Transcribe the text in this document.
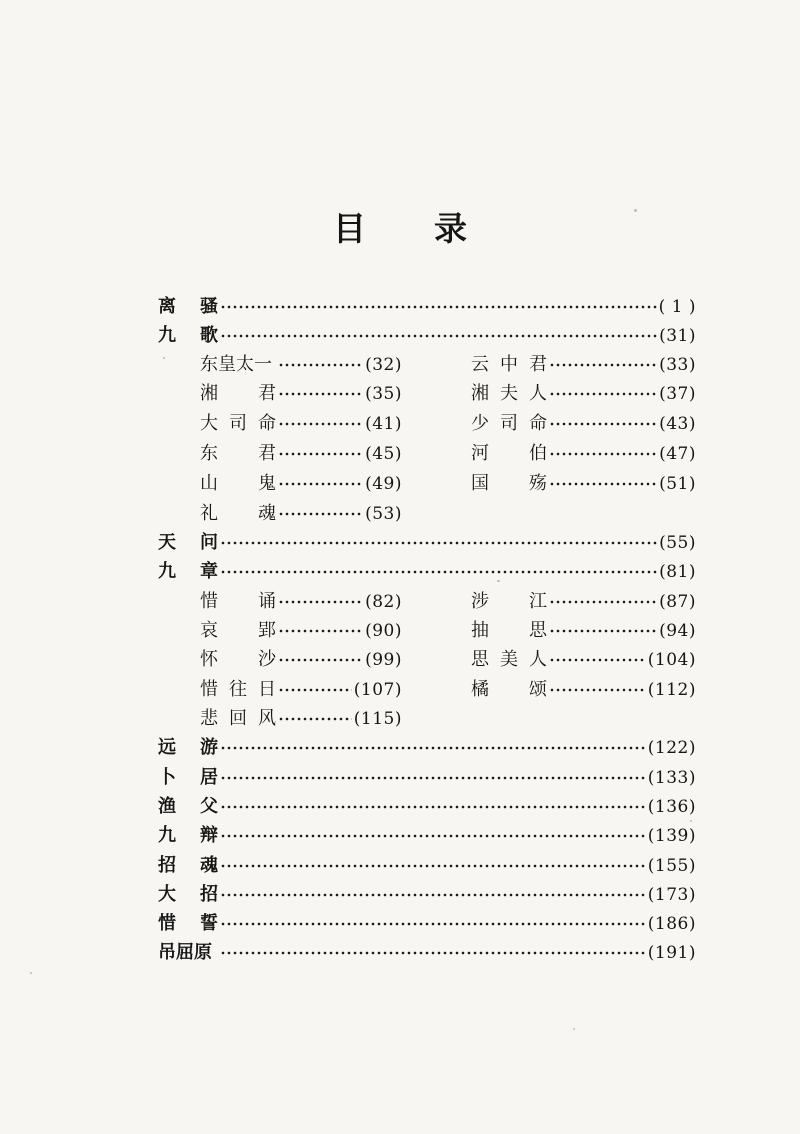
目 录
离 骚	( 1 )
九 歌	(31)
东皇太一	(32)	云 中 君	(33)
湘 君	(35)	湘 夫 人	(37)
大 司 命	(41)	少 司 命	(43)
东 君	(45)	河 伯	(47)
山 鬼	(49)	国 殇	(51)
礼 魂	(53)
天 问	(55)
九 章	(81)
惜 诵	(82)	涉 江	(87)
哀 郢	(90)	抽 思	(94)
怀 沙	(99)	思 美 人	(104)
惜 往 日	(107)	橘 颂	(112)
悲 回 风	(115)
远 游	(122)
卜 居	(133)
渔 父	(136)
九 辩	(139)
招 魂	(155)
大 招	(173)
惜 誓	(186)
吊屈原	(191)
